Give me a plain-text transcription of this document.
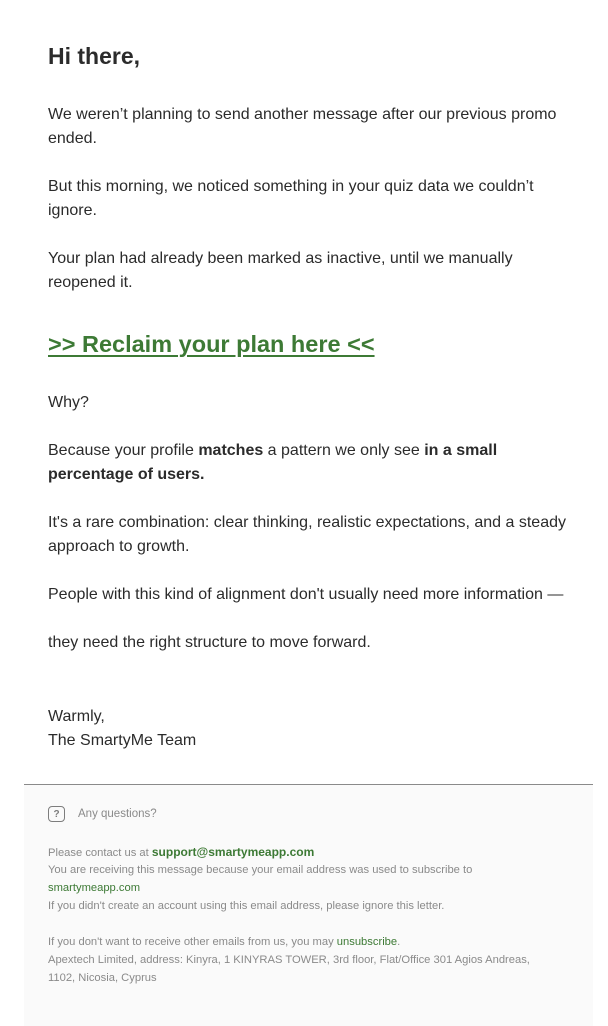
Hi there,

We weren’t planning to send another message after our previous promo ended.

But this morning, we noticed something in your quiz data we couldn’t ignore.

Your plan had already been marked as inactive, until we manually reopened it.

>> Reclaim your plan here <<

Why?

Because your profile matches a pattern we only see in a small percentage of users.

It's a rare combination: clear thinking, realistic expectations, and a steady approach to growth.

People with this kind of alignment don't usually need more information —

they need the right structure to move forward.

Warmly,
The SmartyMe Team

?	Any questions?

Please contact us at support@smartymeapp.com

You are receiving this message because your email address was used to subscribe to

smartymeapp.com

If you didn't create an account using this email address, please ignore this letter.

If you don't want to receive other emails from us, you may unsubscribe.

Apextech Limited, address: Kinyra, 1 KINYRAS TOWER, 3rd floor, Flat/Office 301 Agios Andreas,

1102, Nicosia, Cyprus
